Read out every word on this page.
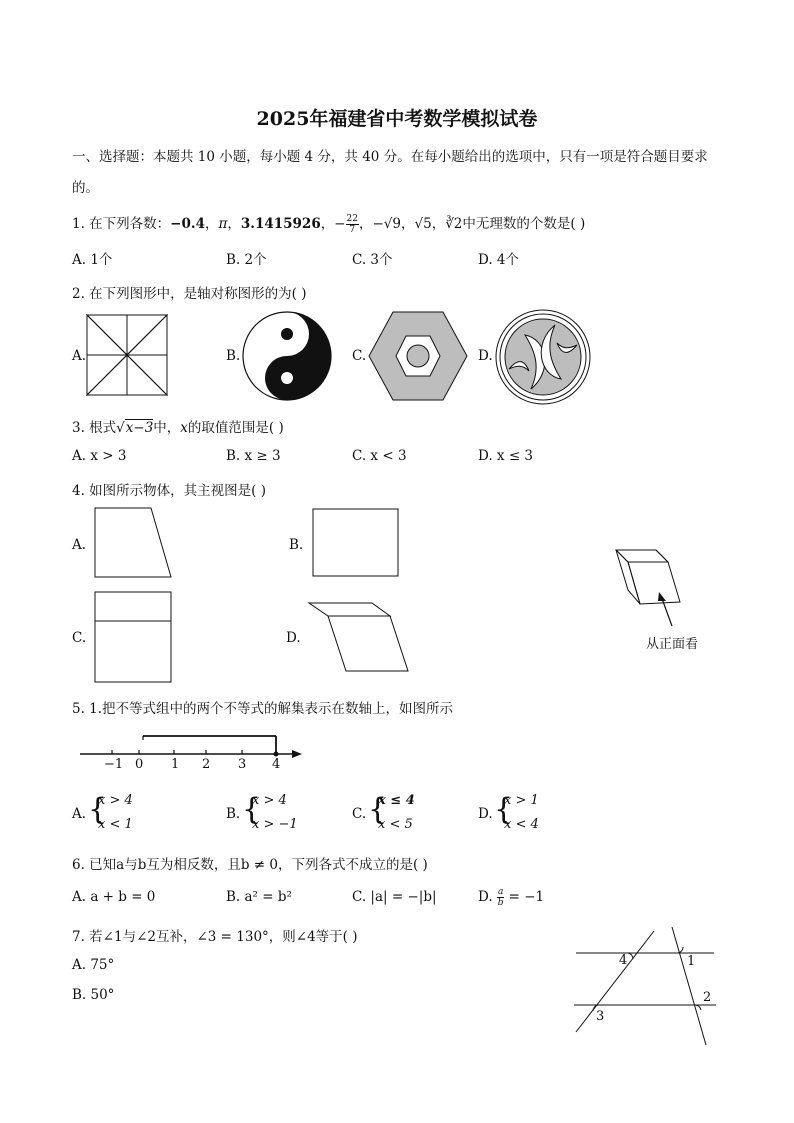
2025年福建省中考数学模拟试卷
一、选择题：本题共 10 小题，每小题 4 分，共 40 分。在每小题给出的选项中，只有一项是符合题目要求
的。
1. 在下列各数：−0.4，π，3.1415926，− $\frac{22}{7}$ ，−√9，√5，∛2中无理数的个数是( )
A. 1个	B. 2个	C. 3个	D. 4个
2. 在下列图形中，是轴对称图形的为( )
A.	B.	C.	D.
3. 根式√x−3中，x的取值范围是( )
A. x > 3	B. x ≥ 3	C. x < 3	D. x ≤ 3
4. 如图所示物体，其主视图是( )
A.	B.
C.	D.	从正面看
5. 1.把不等式组中的两个不等式的解集表示在数轴上，如图所示
−1 0 1 2 3 4
A. {
x > 4
x < 1
B. {
x > 4
x > −1
C. {
x ≤ 4
x < 5
D. {
x > 1
x < 4
6. 已知a与b互为相反数，且b ≠ 0，下列各式不成立的是( )
A. a + b = 0	B. a² = b²	C. |a| = −|b|	D. $\frac{a}{b} = -1$
7. 若∠1与∠2互补，∠3 = 130°，则∠4等于( )
A. 75°
B. 50°
4	1
2
3
